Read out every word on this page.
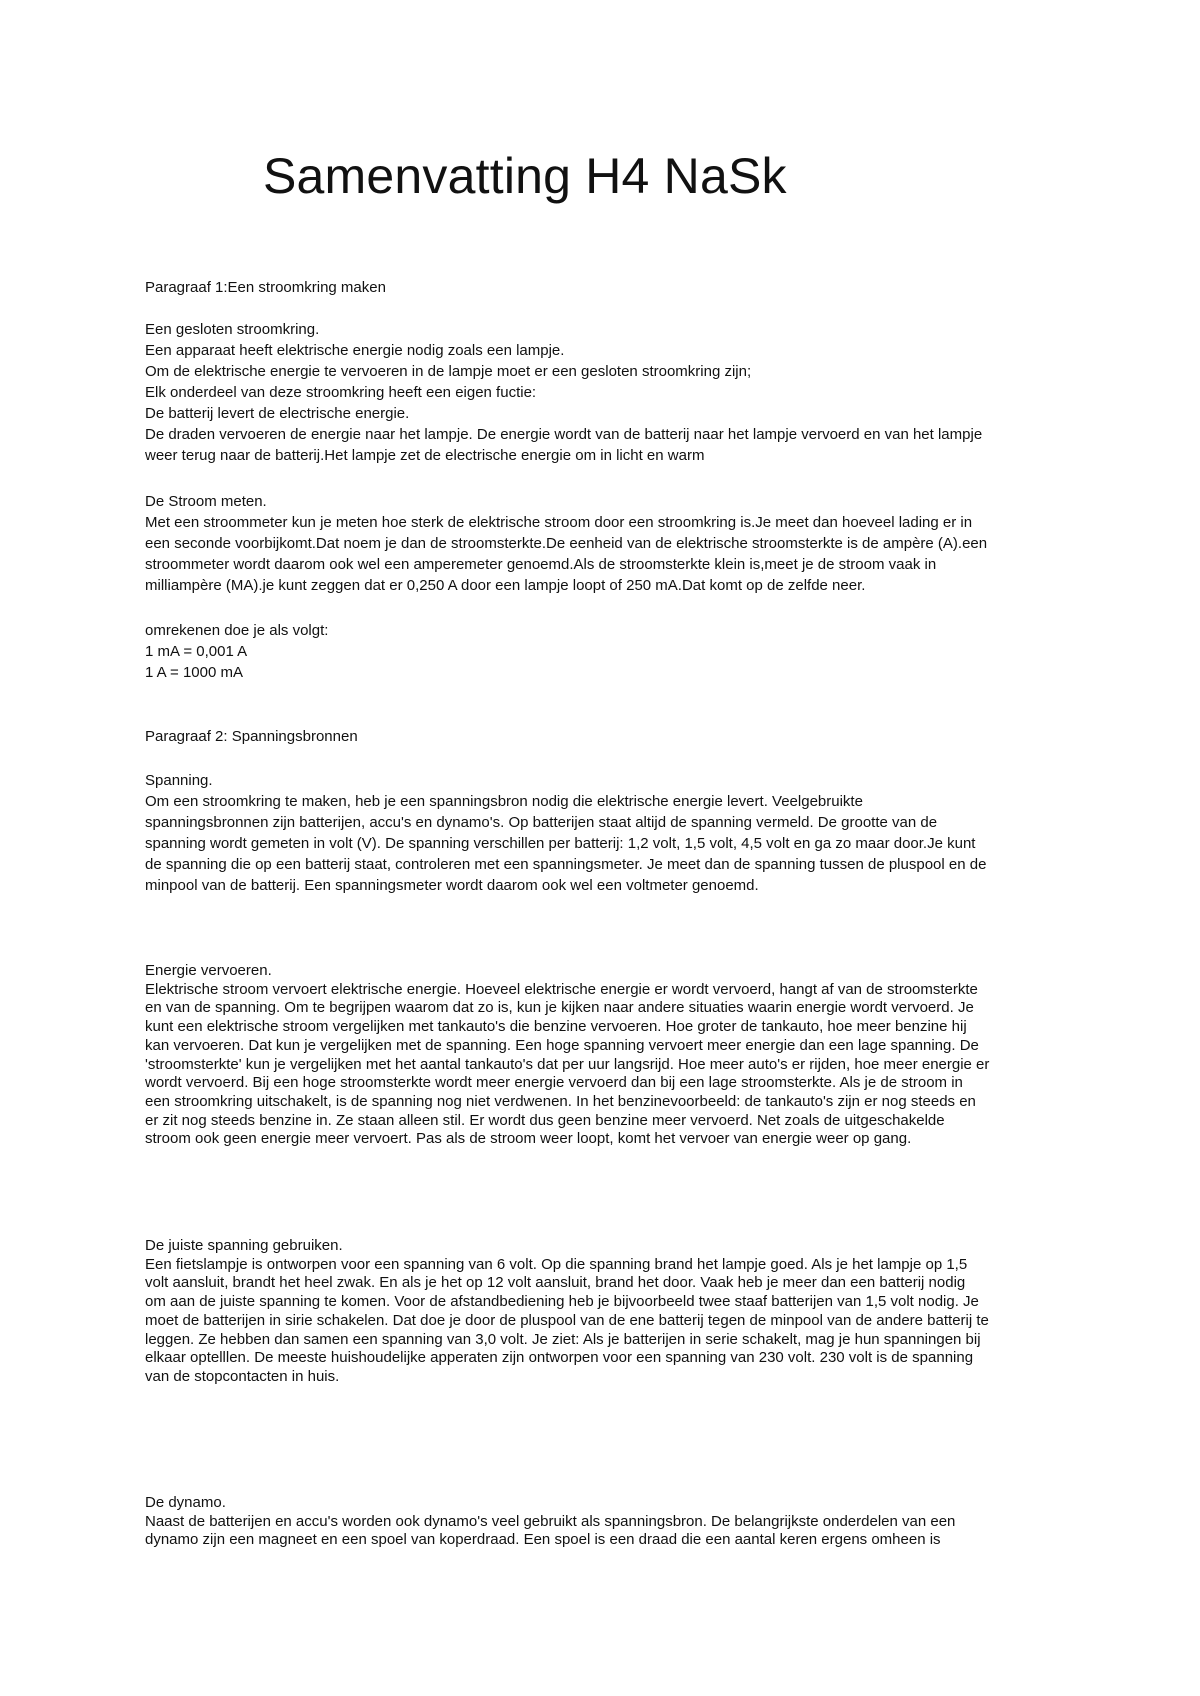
Samenvatting H4 NaSk
Paragraaf 1:Een stroomkring maken
Een gesloten stroomkring.
Een apparaat heeft elektrische energie nodig zoals een lampje.
Om de elektrische energie te vervoeren in de lampje moet er een gesloten stroomkring zijn;
Elk onderdeel van deze stroomkring heeft een eigen fuctie:
De batterij levert de electrische energie.
De draden vervoeren de energie naar het lampje. De energie wordt van de batterij naar het lampje vervoerd en van het lampje
weer terug naar de batterij.Het lampje zet de electrische energie om in licht en warm
De Stroom meten.
Met een stroommeter kun je meten hoe sterk de elektrische stroom door een stroomkring is.Je meet dan hoeveel lading er in
een seconde voorbijkomt.Dat noem je dan de stroomsterkte.De eenheid van de elektrische stroomsterkte is de ampère (A).een
stroommeter wordt daarom ook wel een amperemeter genoemd.Als de stroomsterkte klein is,meet je de stroom vaak in
milliampère (MA).je kunt zeggen dat er 0,250 A door een lampje loopt of 250 mA.Dat komt op de zelfde neer.
omrekenen doe je als volgt:
1 mA = 0,001 A
1 A = 1000 mA
Paragraaf 2: Spanningsbronnen
Spanning.
Om een stroomkring te maken, heb je een spanningsbron nodig die elektrische energie levert. Veelgebruikte
spanningsbronnen zijn batterijen, accu's en dynamo's. Op batterijen staat altijd de spanning vermeld. De grootte van de
spanning wordt gemeten in volt (V). De spanning verschillen per batterij: 1,2 volt, 1,5 volt, 4,5 volt en ga zo maar door.Je kunt
de spanning die op een batterij staat, controleren met een spanningsmeter. Je meet dan de spanning tussen de pluspool en de
minpool van de batterij. Een spanningsmeter wordt daarom ook wel een voltmeter genoemd.
Energie vervoeren.
Elektrische stroom vervoert elektrische energie. Hoeveel elektrische energie er wordt vervoerd, hangt af van de stroomsterkte
en van de spanning. Om te begrijpen waarom dat zo is, kun je kijken naar andere situaties waarin energie wordt vervoerd. Je
kunt een elektrische stroom vergelijken met tankauto's die benzine vervoeren. Hoe groter de tankauto, hoe meer benzine hij
kan vervoeren. Dat kun je vergelijken met de spanning. Een hoge spanning vervoert meer energie dan een lage spanning. De
'stroomsterkte' kun je vergelijken met het aantal tankauto's dat per uur langsrijd. Hoe meer auto's er rijden, hoe meer energie er
wordt vervoerd. Bij een hoge stroomsterkte wordt meer energie vervoerd dan bij een lage stroomsterkte. Als je de stroom in
een stroomkring uitschakelt, is de spanning nog niet verdwenen. In het benzinevoorbeeld: de tankauto's zijn er nog steeds en
er zit nog steeds benzine in. Ze staan alleen stil. Er wordt dus geen benzine meer vervoerd. Net zoals de uitgeschakelde
stroom ook geen energie meer vervoert. Pas als de stroom weer loopt, komt het vervoer van energie weer op gang.
De juiste spanning gebruiken.
Een fietslampje is ontworpen voor een spanning van 6 volt. Op die spanning brand het lampje goed. Als je het lampje op 1,5
volt aansluit, brandt het heel zwak. En als je het op 12 volt aansluit, brand het door. Vaak heb je meer dan een batterij nodig
om aan de juiste spanning te komen. Voor de afstandbediening heb je bijvoorbeeld twee staaf batterijen van 1,5 volt nodig. Je
moet de batterijen in sirie schakelen. Dat doe je door de pluspool van de ene batterij tegen de minpool van de andere batterij te
leggen. Ze hebben dan samen een spanning van 3,0 volt. Je ziet: Als je batterijen in serie schakelt, mag je hun spanningen bij
elkaar optelllen. De meeste huishoudelijke apperaten zijn ontworpen voor een spanning van 230 volt. 230 volt is de spanning
van de stopcontacten in huis.
De dynamo.
Naast de batterijen en accu's worden ook dynamo's veel gebruikt als spanningsbron. De belangrijkste onderdelen van een
dynamo zijn een magneet en een spoel van koperdraad. Een spoel is een draad die een aantal keren ergens omheen is
